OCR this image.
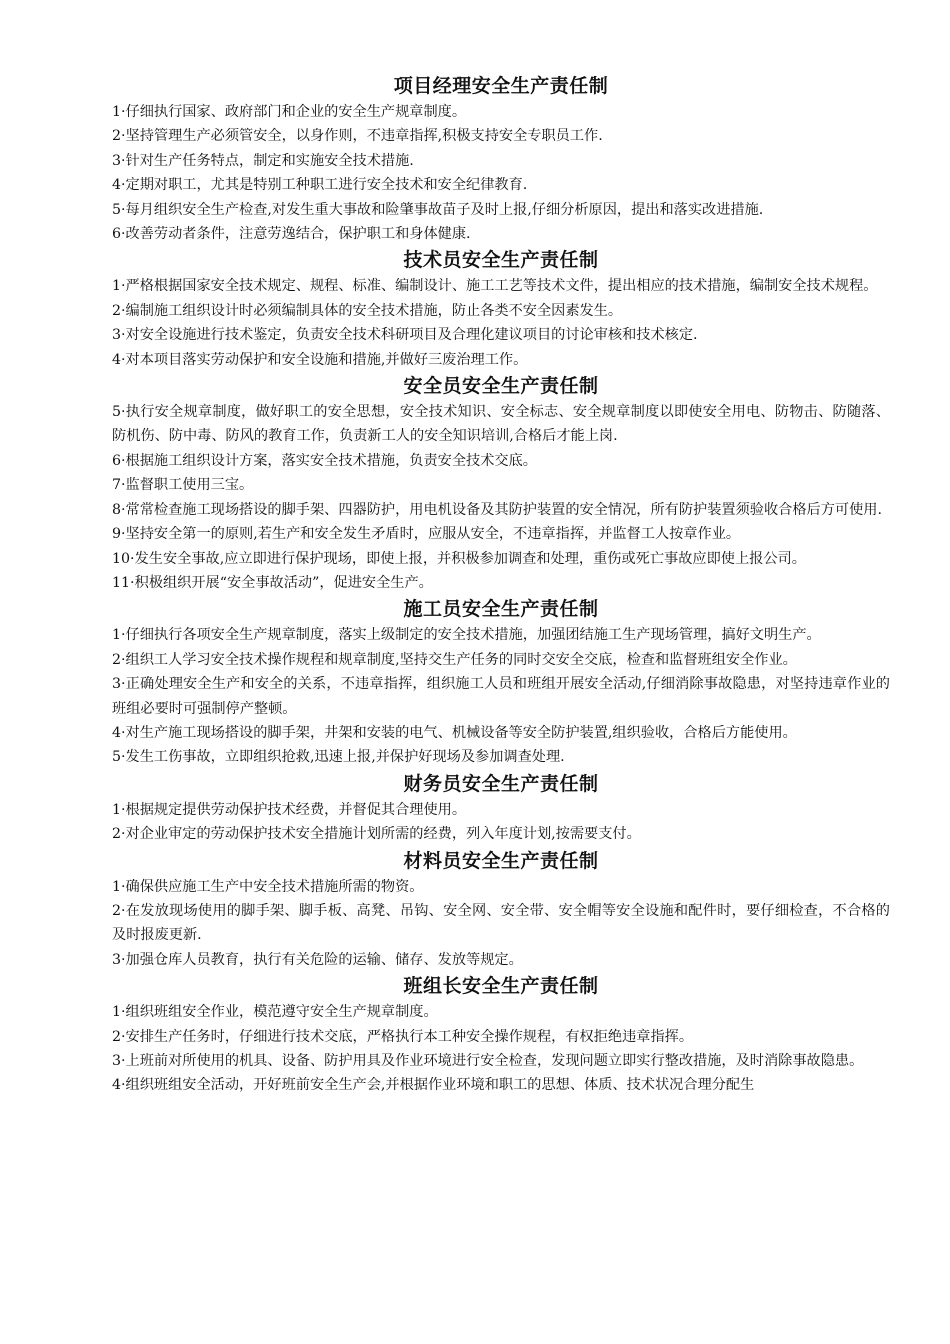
项目经理安全生产责任制

1·仔细执行国家、政府部门和企业的安全生产规章制度。

2·坚持管理生产必须管安全，以身作则，不违章指挥,积极支持安全专职员工作.

3·针对生产任务特点，制定和实施安全技术措施.

4·定期对职工，尤其是特别工种职工进行安全技术和安全纪律教育.

5·每月组织安全生产检查,对发生重大事故和险肇事故苗子及时上报,仔细分析原因，提出和落实改进措施.

6·改善劳动者条件，注意劳逸结合，保护职工和身体健康.

技术员安全生产责任制

1·严格根据国家安全技术规定、规程、标准、编制设计、施工工艺等技术文件，提出相应的技术措施，编制安全技术规程。

2·编制施工组织设计时必须编制具体的安全技术措施，防止各类不安全因素发生。

3·对安全设施进行技术鉴定，负责安全技术科研项目及合理化建议项目的讨论审核和技术核定.

4·对本项目落实劳动保护和安全设施和措施,并做好三废治理工作。

安全员安全生产责任制

5·执行安全规章制度，做好职工的安全思想，安全技术知识、安全标志、安全规章制度以即使安全用电、防物击、防随落、防机伤、防中毒、防风的教育工作，负责新工人的安全知识培训,合格后才能上岗.

6·根据施工组织设计方案，落实安全技术措施，负责安全技术交底。

7·监督职工使用三宝。

8·常常检查施工现场搭设的脚手架、四器防护，用电机设备及其防护装置的安全情况，所有防护装置须验收合格后方可使用.

9·坚持安全第一的原则,若生产和安全发生矛盾时，应服从安全，不违章指挥，并监督工人按章作业。

10·发生安全事故,应立即进行保护现场，即使上报，并积极参加调查和处理，重伤或死亡事故应即使上报公司。

11·积极组织开展“安全事故活动”，促进安全生产。

施工员安全生产责任制

1·仔细执行各项安全生产规章制度，落实上级制定的安全技术措施，加强团结施工生产现场管理，搞好文明生产。

2·组织工人学习安全技术操作规程和规章制度,坚持交生产任务的同时交安全交底，检查和监督班组安全作业。

3·正确处理安全生产和安全的关系，不违章指挥，组织施工人员和班组开展安全活动,仔细消除事故隐患，对坚持违章作业的班组必要时可强制停产整顿。

4·对生产施工现场搭设的脚手架，井架和安装的电气、机械设备等安全防护装置,组织验收，合格后方能使用。

5·发生工伤事故，立即组织抢救,迅速上报,并保护好现场及参加调查处理.

财务员安全生产责任制

1·根据规定提供劳动保护技术经费，并督促其合理使用。

2·对企业审定的劳动保护技术安全措施计划所需的经费，列入年度计划,按需要支付。

材料员安全生产责任制

1·确保供应施工生产中安全技术措施所需的物资。

2·在发放现场使用的脚手架、脚手板、高凳、吊钩、安全网、安全带、安全帽等安全设施和配件时，要仔细检查，不合格的及时报废更新.

3·加强仓库人员教育，执行有关危险的运输、储存、发放等规定。

班组长安全生产责任制

1·组织班组安全作业，模范遵守安全生产规章制度。

2·安排生产任务时，仔细进行技术交底，严格执行本工种安全操作规程，有权拒绝违章指挥。

3·上班前对所使用的机具、设备、防护用具及作业环境进行安全检查，发现问题立即实行整改措施，及时消除事故隐患。

4·组织班组安全活动，开好班前安全生产会,并根据作业环境和职工的思想、体质、技术状况合理分配生
